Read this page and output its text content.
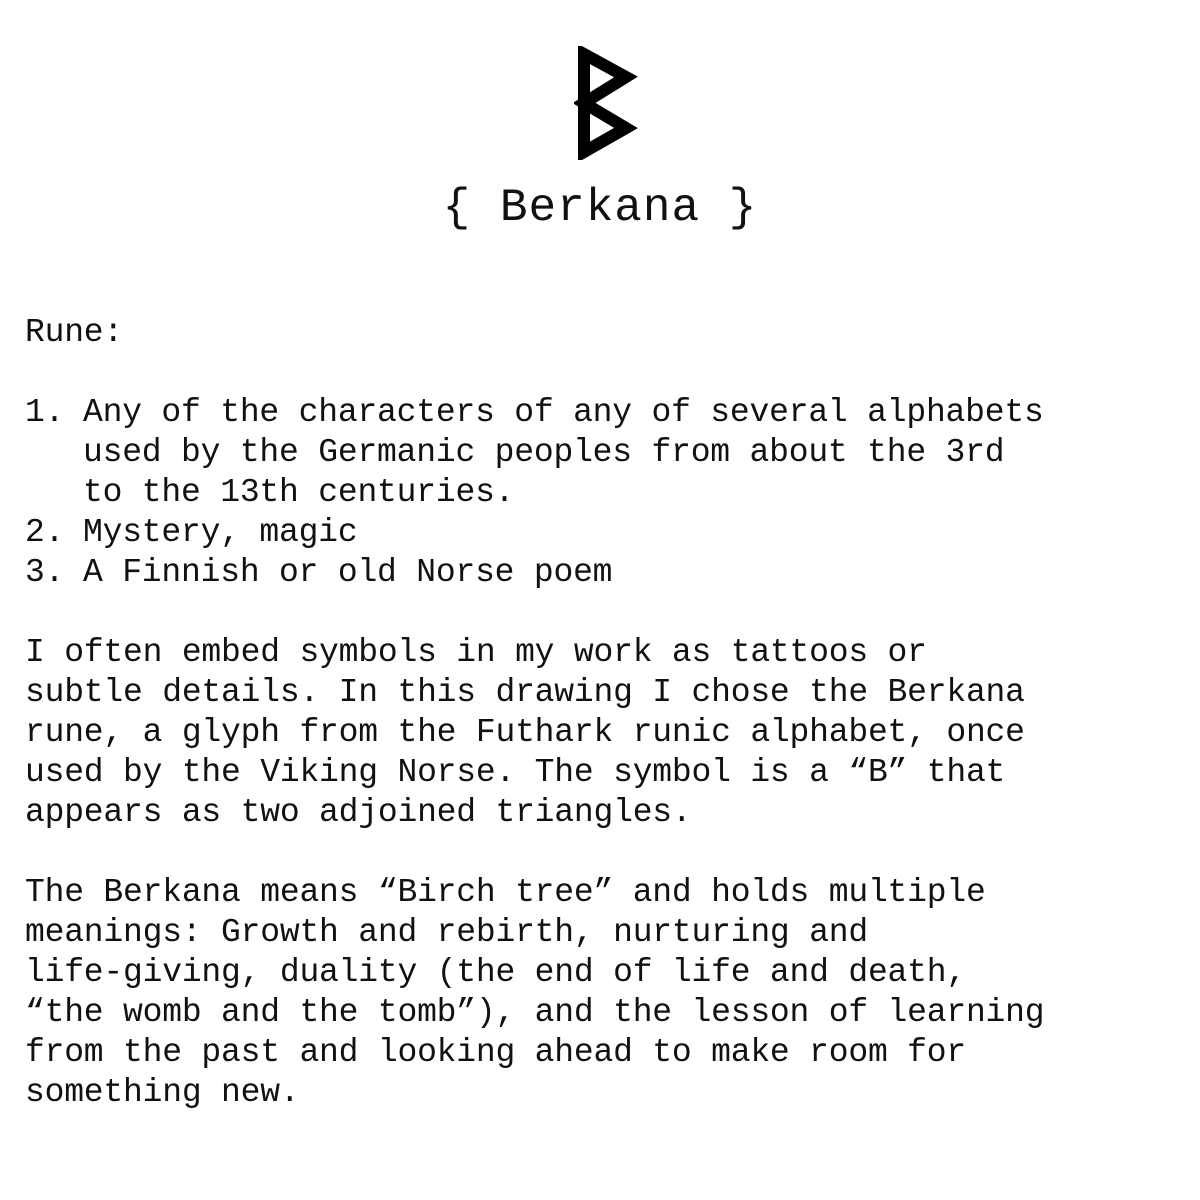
{ Berkana }
Rune:
1. Any of the characters of any of several alphabets
used by the Germanic peoples from about the 3rd
to the 13th centuries.
2. Mystery, magic
3. A Finnish or old Norse poem
I often embed symbols in my work as tattoos or
subtle details. In this drawing I chose the Berkana
rune, a glyph from the Futhark runic alphabet, once
used by the Viking Norse. The symbol is a “B” that
appears as two adjoined triangles.
The Berkana means “Birch tree” and holds multiple
meanings: Growth and rebirth, nurturing and
life-giving, duality (the end of life and death,
“the womb and the tomb”), and the lesson of learning
from the past and looking ahead to make room for
something new.
